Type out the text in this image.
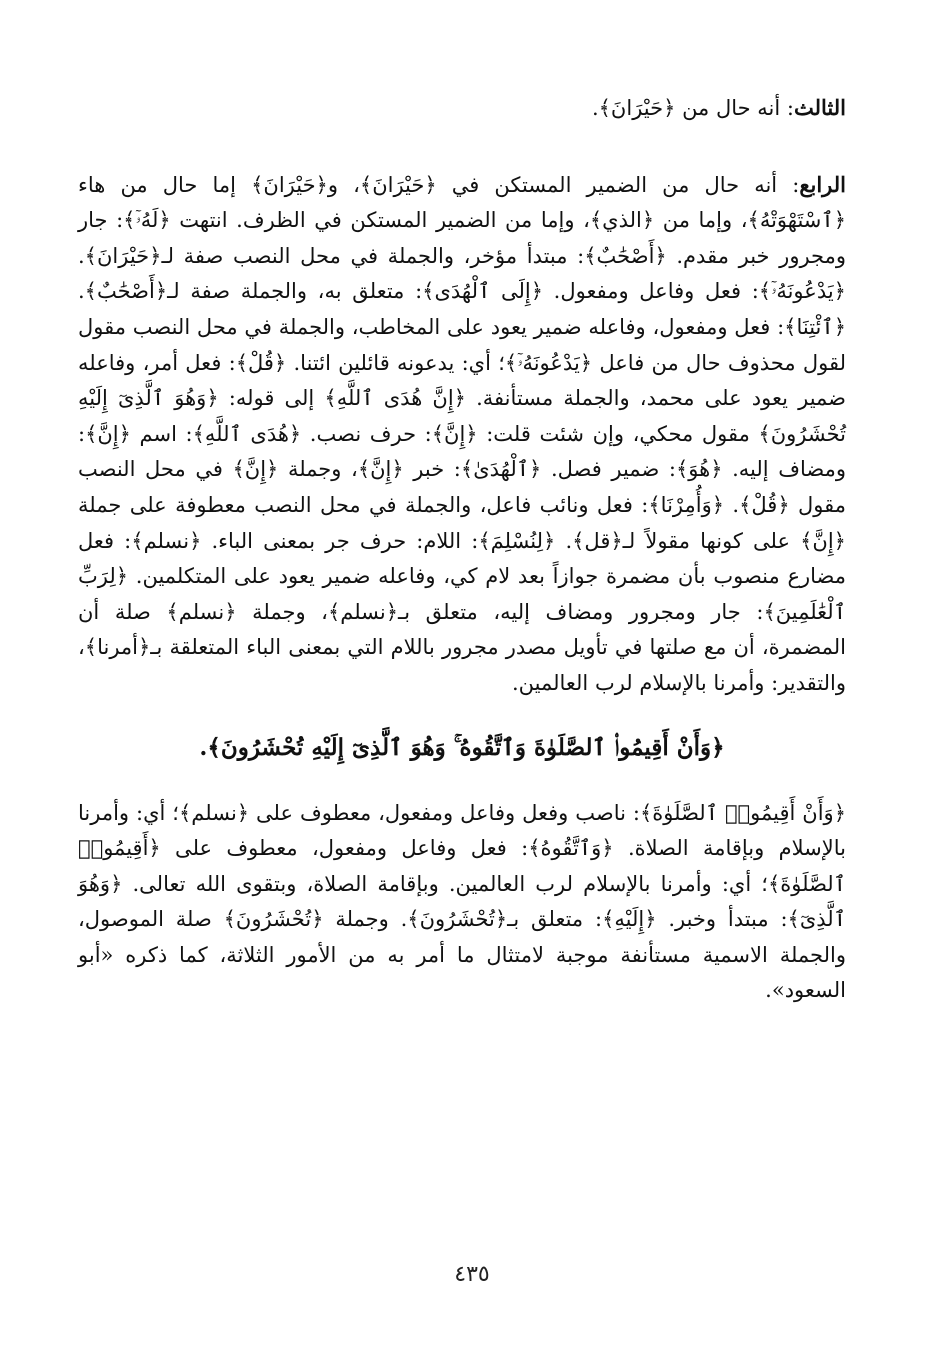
الثالث: أنه حال من ﴿حَيْرَانَ﴾.

الرابع: أنه حال من الضمير المستكن في ﴿حَيْرَانَ﴾، و﴿حَيْرَانَ﴾ إما حال من هاء ﴿ٱسْتَهْوَتْهُ﴾، وإما من ﴿الذي﴾، وإما من الضمير المستكن في الظرف. انتهت ﴿لَهُۥٓ﴾: جار ومجرور خبر مقدم. ﴿أَصْحَٰبٌ﴾: مبتدأ مؤخر، والجملة في محل النصب صفة لـ﴿حَيْرَانَ﴾. ﴿يَدْعُونَهُۥٓ﴾: فعل وفاعل ومفعول. ﴿إِلَى ٱلْهُدَى﴾: متعلق به، والجملة صفة لـ﴿أَصْحَٰبٌ﴾. ﴿ٱئْتِنَا﴾: فعل ومفعول، وفاعله ضمير يعود على المخاطب، والجملة في محل النصب مقول لقول محذوف حال من فاعل ﴿يَدْعُونَهُۥٓ﴾؛ أي: يدعونه قائلين ائتنا. ﴿قُلْ﴾: فعل أمر، وفاعله ضمير يعود على محمد، والجملة مستأنفة. ﴿إِنَّ هُدَى ٱللَّهِ﴾ إلى قوله: ﴿وَهُوَ ٱلَّذِىٓ إِلَيْهِ تُحْشَرُونَ﴾ مقول محكي، وإن شئت قلت: ﴿إِنَّ﴾: حرف نصب. ﴿هُدَى ٱللَّهِ﴾: اسم ﴿إِنَّ﴾: ومضاف إليه. ﴿هُوَ﴾: ضمير فصل. ﴿ٱلْهُدَىٰ﴾: خبر ﴿إِنَّ﴾، وجملة ﴿إِنَّ﴾ في محل النصب مقول ﴿قُلْ﴾. ﴿وَأُمِرْنَا﴾: فعل ونائب فاعل، والجملة في محل النصب معطوفة على جملة ﴿إِنَّ﴾ على كونها مقولاً لـ﴿قل﴾. ﴿لِنُسْلِمَ﴾: اللام: حرف جر بمعنى الباء. ﴿نسلم﴾: فعل مضارع منصوب بأن مضمرة جوازاً بعد لام كي، وفاعله ضمير يعود على المتكلمين. ﴿لِرَبِّ ٱلْعَٰلَمِينَ﴾: جار ومجرور ومضاف إليه، متعلق بـ﴿نسلم﴾، وجملة ﴿نسلم﴾ صلة أن المضمرة، أن مع صلتها في تأويل مصدر مجرور باللام التي بمعنى الباء المتعلقة بـ﴿أمرنا﴾، والتقدير: وأمرنا بالإسلام لرب العالمين.

﴿وَأَنْ أَقِيمُوا۟ ٱلصَّلَوٰةَ وَٱتَّقُوهُ ۚ وَهُوَ ٱلَّذِىٓ إِلَيْهِ تُحْشَرُونَ﴾.

﴿وَأَنْ أَقِيمُوا۟ ٱلصَّلَوٰةَ﴾: ناصب وفعل وفاعل ومفعول، معطوف على ﴿نسلم﴾؛ أي: وأمرنا بالإسلام وبإقامة الصلاة. ﴿وَٱتَّقُوهُ﴾: فعل وفاعل ومفعول، معطوف على ﴿أَقِيمُوا۟ ٱلصَّلَوٰةَ﴾؛ أي: وأمرنا بالإسلام لرب العالمين. وبإقامة الصلاة، وبتقوى الله تعالى. ﴿وَهُوَ ٱلَّذِىٓ﴾: مبتدأ وخبر. ﴿إِلَيْهِ﴾: متعلق بـ﴿تُحْشَرُونَ﴾. وجملة ﴿تُحْشَرُونَ﴾ صلة الموصول، والجملة الاسمية مستأنفة موجبة لامتثال ما أمر به من الأمور الثلاثة، كما ذكره «أبو السعود».

٤٣٥
